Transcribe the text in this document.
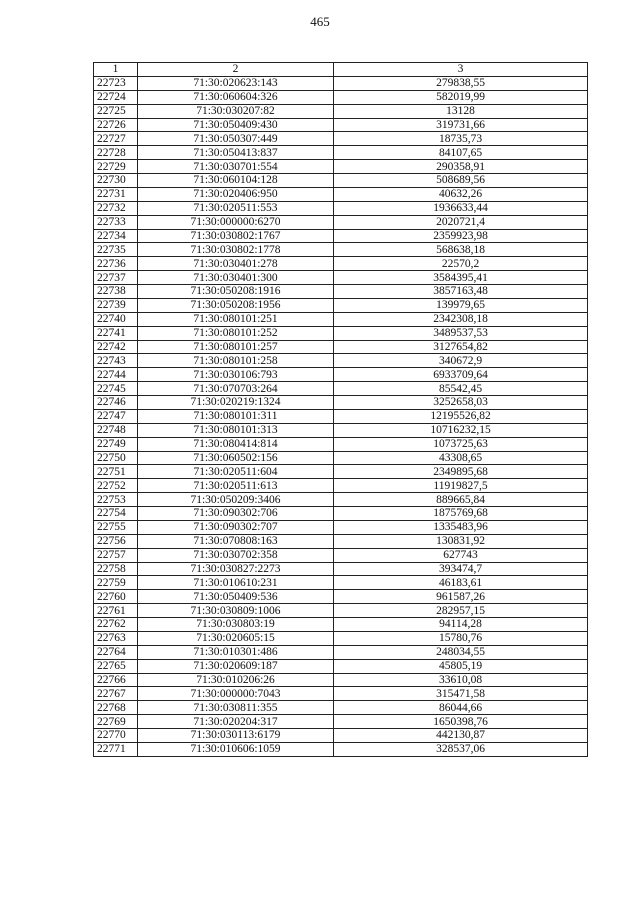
465
1	2	3
22723	71:30:020623:143	279838,55
22724	71:30:060604:326	582019,99
22725	71:30:030207:82	13128
22726	71:30:050409:430	319731,66
22727	71:30:050307:449	18735,73
22728	71:30:050413:837	84107,65
22729	71:30:030701:554	290358,91
22730	71:30:060104:128	508689,56
22731	71:30:020406:950	40632,26
22732	71:30:020511:553	1936633,44
22733	71:30:000000:6270	2020721,4
22734	71:30:030802:1767	2359923,98
22735	71:30:030802:1778	568638,18
22736	71:30:030401:278	22570,2
22737	71:30:030401:300	3584395,41
22738	71:30:050208:1916	3857163,48
22739	71:30:050208:1956	139979,65
22740	71:30:080101:251	2342308,18
22741	71:30:080101:252	3489537,53
22742	71:30:080101:257	3127654,82
22743	71:30:080101:258	340672,9
22744	71:30:030106:793	6933709,64
22745	71:30:070703:264	85542,45
22746	71:30:020219:1324	3252658,03
22747	71:30:080101:311	12195526,82
22748	71:30:080101:313	10716232,15
22749	71:30:080414:814	1073725,63
22750	71:30:060502:156	43308,65
22751	71:30:020511:604	2349895,68
22752	71:30:020511:613	11919827,5
22753	71:30:050209:3406	889665,84
22754	71:30:090302:706	1875769,68
22755	71:30:090302:707	1335483,96
22756	71:30:070808:163	130831,92
22757	71:30:030702:358	627743
22758	71:30:030827:2273	393474,7
22759	71:30:010610:231	46183,61
22760	71:30:050409:536	961587,26
22761	71:30:030809:1006	282957,15
22762	71:30:030803:19	94114,28
22763	71:30:020605:15	15780,76
22764	71:30:010301:486	248034,55
22765	71:30:020609:187	45805,19
22766	71:30:010206:26	33610,08
22767	71:30:000000:7043	315471,58
22768	71:30:030811:355	86044,66
22769	71:30:020204:317	1650398,76
22770	71:30:030113:6179	442130,87
22771	71:30:010606:1059	328537,06
